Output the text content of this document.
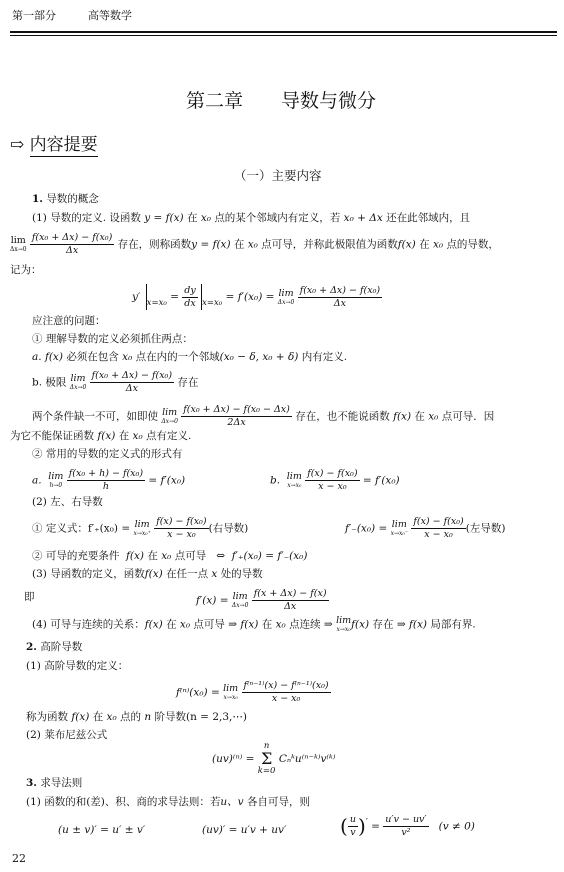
第一部分	高等数学
第二章　　导数与微分
⇨ 内容提要
（一）主要内容
1. 导数的概念
(1) 导数的定义. 设函数 y = f(x) 在 x₀ 点的某个邻域内有定义，若 x₀ + Δx 还在此邻域内，且
lim
Δx→0
$\frac{\text{f(x₀ + Δx) − f(x₀)}}{\Delta x}$ 存在，则称函数y = f(x) 在 x₀ 点可导，并称此极限值为函数f(x) 在 x₀ 点的导数，
记为：
y′ $x=x_0 = \frac{dy}{dx} x=x_0 = f'(x_0) = \lim$
Δx→0
$\frac{\text{f(x₀ + Δx) − f(x₀)}}{\Delta x}$
应注意的问题：
① 理解导数的定义必须抓住两点：
a. f(x) 必须在包含 x₀ 点在内的一个邻域(x₀ − δ, x₀ + δ) 内有定义.
b. 极限 lim
Δx→0
$\frac{\text{f(x₀ + Δx) − f(x₀)}}{\Delta x}$ 存在
两个条件缺一不可，如即使 lim
Δx→0
$\frac{\text{f(x₀ + Δx) − f(x₀ − Δx)}}{2\Delta x}$ 存在，也不能说函数 f(x) 在 x₀ 点可导．因
为它不能保证函数 f(x) 在 x₀ 点有定义.
② 常用的导数的定义式的形式有
a. lim
h→0
$\frac{\text{f(x₀ + h) − f(x₀)}}{h} = f'(x_0)$	b. lim
x→x₀
$\frac{\text{f(x) − f(x₀)}}{\text{x − x₀}} = f'(x_0)$
(2) 左、右导数
① 定义式：f′₊(x₀) = lim
x→x₀⁺
$\frac{\text{f(x) − f(x₀)}}{\text{x − x₀}}$ (右导数)	f′₋(x₀) = lim
x→x₀⁻
$\frac{\text{f(x) − f(x₀)}}{\text{x − x₀}}$ (左导数)
② 可导的充要条件 f(x) 在 x₀ 点可导 ⇔ f′₊(x₀) = f′₋(x₀)
(3) 导函数的定义，函数f(x) 在任一点 x 处的导数
即	f′(x) = lim
Δx→0
$\frac{f(x + \Delta x) - f(x)}{\Delta x}$
(4) 可导与连续的关系：f(x) 在 x₀ 点可导 ⇒ f(x) 在 x₀ 点连续 ⇒ lim
x→x₀ f(x) 存在 ⇒ f(x) 局部有界.
2. 高阶导数
(1) 高阶导数的定义：
f⁽ⁿ⁾(x₀) = lim
x→x₀
$\frac{\text{f⁽ⁿ⁻¹⁾(x) − f⁽ⁿ⁻¹⁾(x₀)}}{\text{x − x₀}}$
称为函数 f(x) 在 x₀ 点的 n 阶导数(n = 2,3,⋯)
(2) 莱布尼兹公式
(uv)⁽ⁿ⁾ =
n
Σ
k=0
Cₙᵏu⁽ⁿ⁻ᵏ⁾v⁽ᵏ⁾
3. 求导法则
(1) 函数的和(差)、积、商的求导法则：若u、v 各自可导，则
(u ± v)′ = u′ ± v′	(uv)′ = u′v + uv′	( $\frac{u}{v} )' = \frac{u'v - uv'}{\text{v²}} (v \ne 0)$
22
